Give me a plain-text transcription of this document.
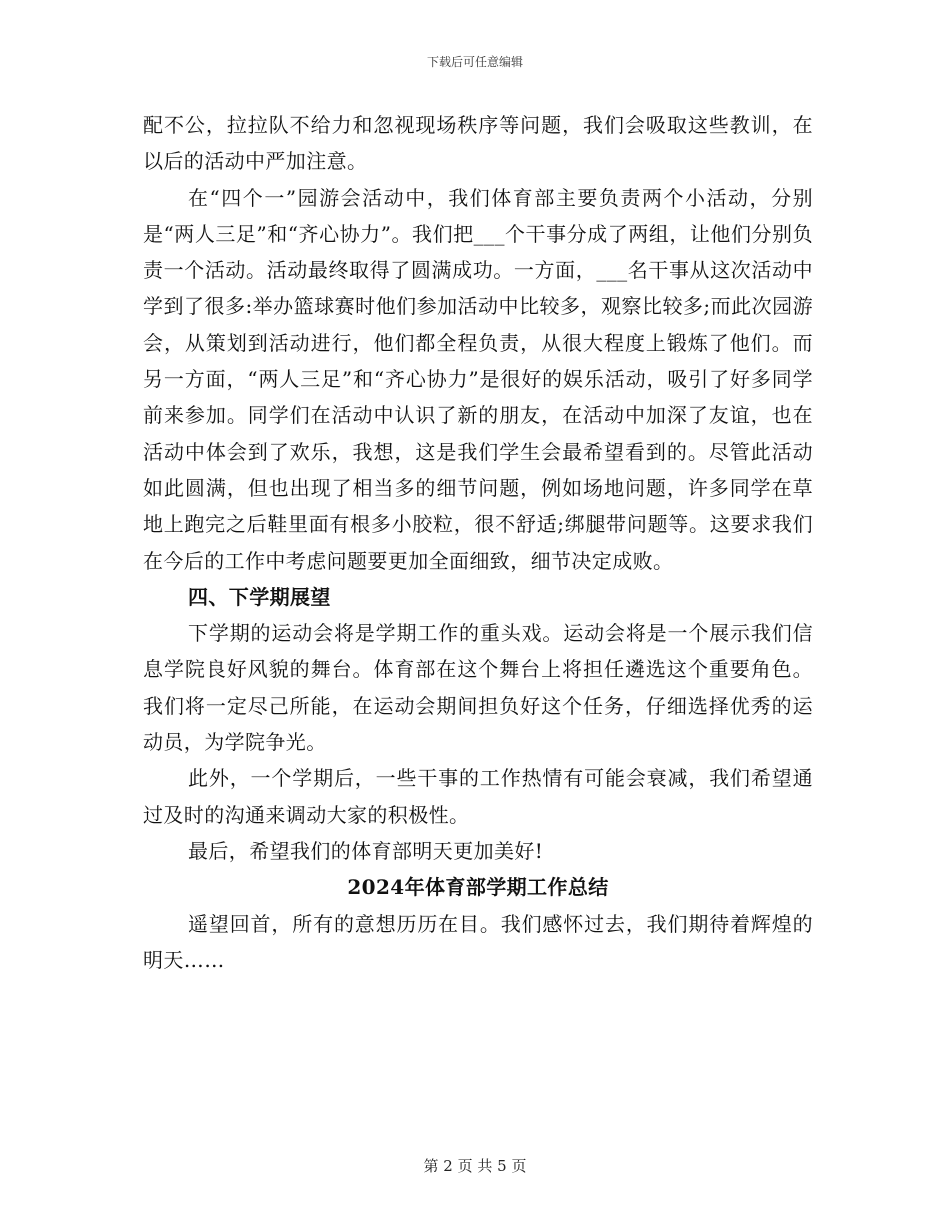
下载后可任意编辑

配不公，拉拉队不给力和忽视现场秩序等问题，我们会吸取这些教训，在以后的活动中严加注意。

在“四个一”园游会活动中，我们体育部主要负责两个小活动，分别是“两人三足”和“齐心协力”。我们把___个干事分成了两组，让他们分别负责一个活动。活动最终取得了圆满成功。一方面，___名干事从这次活动中学到了很多:举办篮球赛时他们参加活动中比较多，观察比较多;而此次园游会，从策划到活动进行，他们都全程负责，从很大程度上锻炼了他们。而另一方面，“两人三足”和“齐心协力”是很好的娱乐活动，吸引了好多同学前来参加。同学们在活动中认识了新的朋友，在活动中加深了友谊，也在活动中体会到了欢乐，我想，这是我们学生会最希望看到的。尽管此活动如此圆满，但也出现了相当多的细节问题，例如场地问题，许多同学在草地上跑完之后鞋里面有根多小胶粒，很不舒适;绑腿带问题等。这要求我们在今后的工作中考虑问题要更加全面细致，细节决定成败。

四、下学期展望

下学期的运动会将是学期工作的重头戏。运动会将是一个展示我们信息学院良好风貌的舞台。体育部在这个舞台上将担任遴选这个重要角色。我们将一定尽己所能，在运动会期间担负好这个任务，仔细选择优秀的运动员，为学院争光。

此外，一个学期后，一些干事的工作热情有可能会衰减，我们希望通过及时的沟通来调动大家的积极性。

最后，希望我们的体育部明天更加美好!

2024年体育部学期工作总结

遥望回首，所有的意想历历在目。我们感怀过去，我们期待着辉煌的明天……

第 2 页 共 5 页
